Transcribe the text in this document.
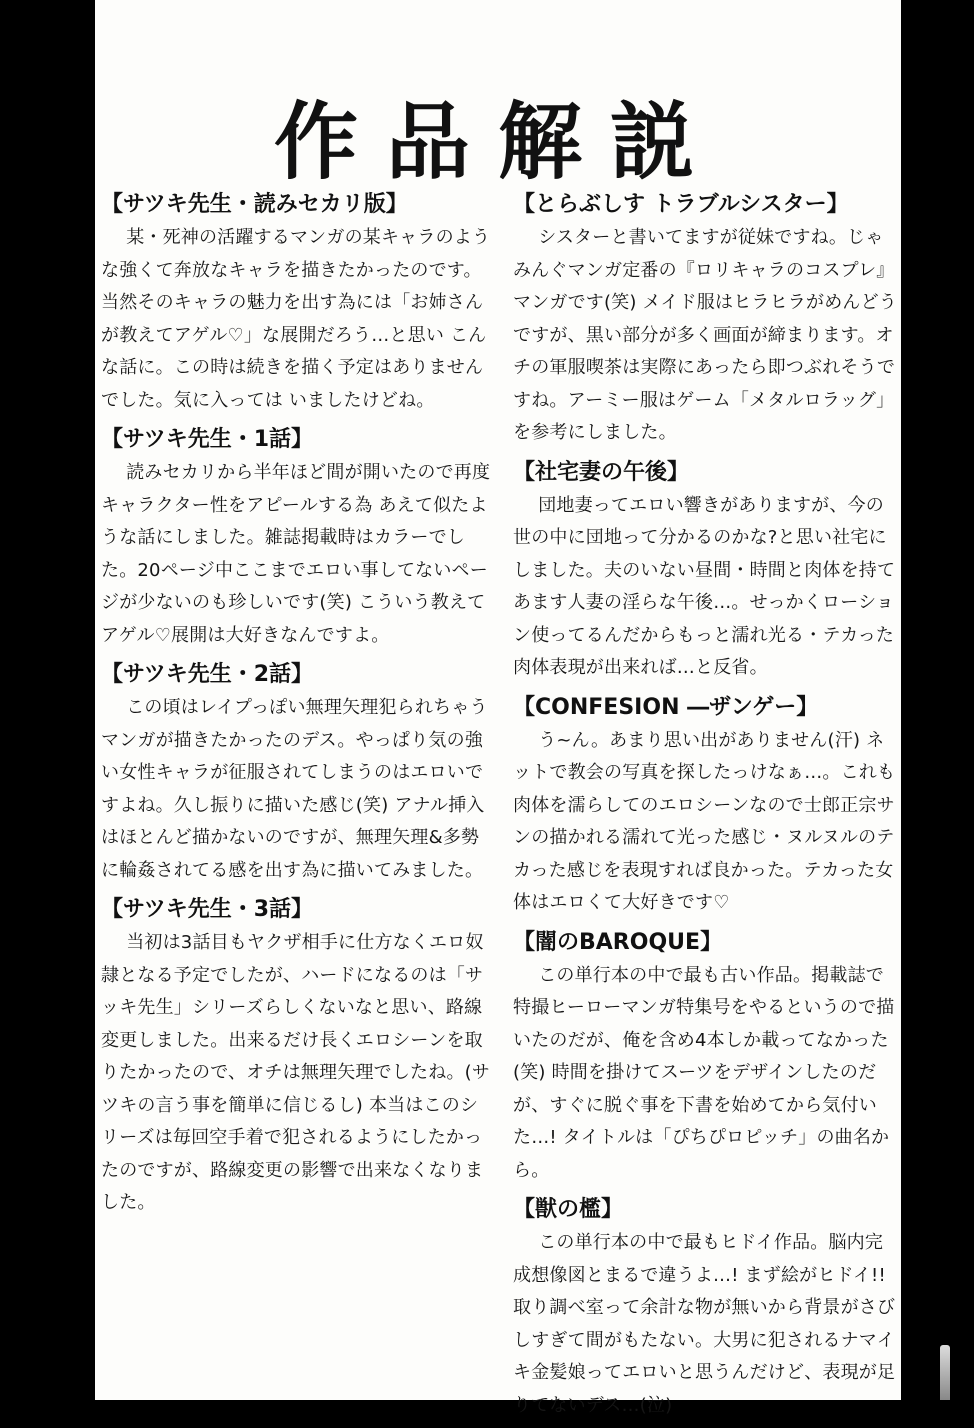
作品解説
【 サツキ先生・読みセカリ版 】
某・死神の活躍するマンガの某キャラのような強くて奔放なキャラを描きたかったのです。当然そのキャラの魅力を出す為には「お姉さんが教えてアゲル♡」な展開だろう…と思い こんな話に。この時は続きを描く予定はありませんでした。気に入っては いましたけどね。
【 サツキ先生・1話 】
読みセカリから半年ほど間が開いたので再度キャラクター性をアピールする為 あえて似たような話にしました。雑誌掲載時はカラーでした。20ページ中ここまでエロい事してないページが少ないのも珍しいです(笑) こういう教えてアゲル♡展開は大好きなんですよ。
【 サツキ先生・2話 】
この頃はレイプっぽい無理矢理犯られちゃうマンガが描きたかったのデス。やっぱり気の強い女性キャラが征服されてしまうのはエロいですよね。久し振りに描いた感じ(笑) アナル挿入はほとんど描かないのですが、無理矢理&多勢に輪姦されてる感を出す為に描いてみました。
【 サツキ先生・3話 】
当初は3話目もヤクザ相手に仕方なくエロ奴隷となる予定でしたが、ハードになるのは「サッキ先生」シリーズらしくないなと思い、路線変更しました。出来るだけ長くエロシーンを取りたかったので、オチは無理矢理でしたね。(サツキの言う事を簡単に信じるし) 本当はこのシリーズは毎回空手着で犯されるようにしたかったのですが、路線変更の影響で出来なくなりました。
【 とらぶしす トラブルシスター 】
シスターと書いてますが従妹ですね。じゃみんぐマンガ定番の『ロリキャラのコスプレ』マンガです(笑) メイド服はヒラヒラがめんどうですが、黒い部分が多く画面が締まります。オチの軍服喫茶は実際にあったら即つぶれそうですね。アーミー服はゲーム「メタルロラッグ」を参考にしました。
【 社宅妻の午後 】
団地妻ってエロい響きがありますが、今の世の中に団地って分かるのかな?と思い社宅にしました。夫のいない昼間・時間と肉体を持てあます人妻の淫らな午後…。せっかくローション使ってるんだからもっと濡れ光る・テカった肉体表現が出来れば…と反省。
【 CONFESION ―ザンゲー 】
う~ん。あまり思い出がありません(汗) ネットで教会の写真を探したっけなぁ…。これも肉体を濡らしてのエロシーンなので士郎正宗サンの描かれる濡れて光った感じ・ヌルヌルのテカった感じを表現すれば良かった。テカった女体はエロくて大好きです♡
【 闇のBAROQUE 】
この単行本の中で最も古い作品。掲載誌で特撮ヒーローマンガ特集号をやるというので描いたのだが、俺を含め4本しか載ってなかった(笑) 時間を掛けてスーツをデザインしたのだが、すぐに脱ぐ事を下書を始めてから気付いた…! タイトルは「ぴちぴロピッチ」の曲名から。
【 獣の檻 】
この単行本の中で最もヒドイ作品。脳内完成想像図とまるで違うよ…! まず絵がヒドイ!! 取り調べ室って余計な物が無いから背景がさびしすぎて間がもたない。大男に犯されるナマイキ金髪娘ってエロいと思うんだけど、表現が足りてないデス…(泣)
